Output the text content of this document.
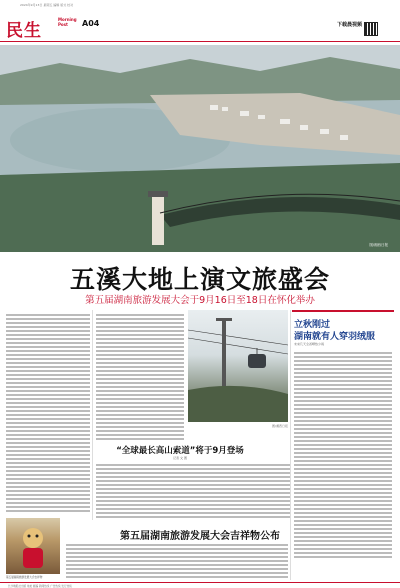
2024年9月13日 星期五 编辑 版式 校对
民生
Morning Post	A04	下载晨视频
图/湘西日报
五溪大地上演文旅盛会
第五届湖南旅游发展大会于9月16日至18日在怀化举办
图/湘西日报
“全球最长高山索道”将于9月登场
记者 文 图
立秋刚过
湖南就有人穿羽绒服
未来几天全省晴热少雨
第五届湖南旅游发展大会吉祥物
第五届湖南旅游发展大会吉祥物公布
长沙晚报社出版 地址 邮编 新闻热线 广告热线 发行热线
